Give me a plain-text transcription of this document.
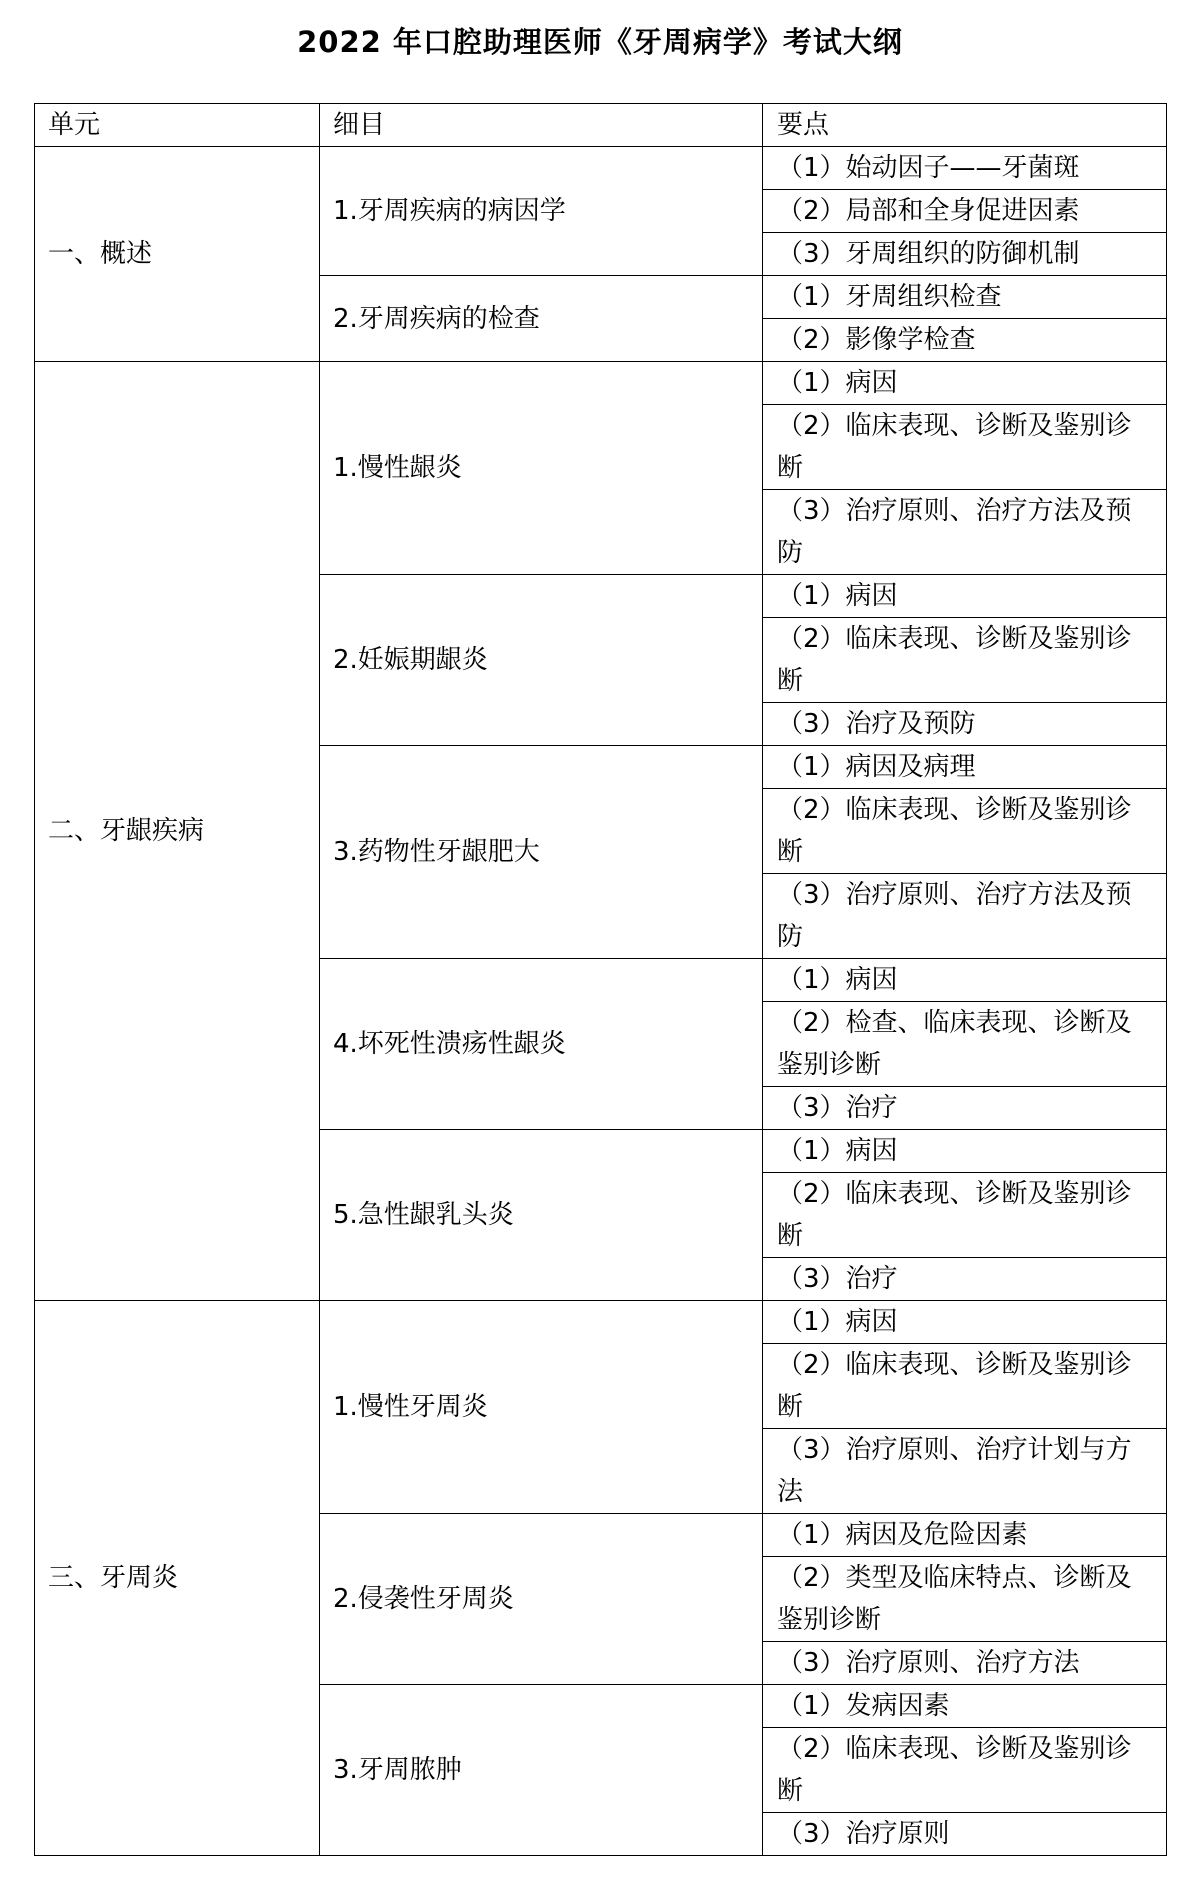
2022 年口腔助理医师《牙周病学》考试大纲
单元	细目	要点
一、概述	1.牙周疾病的病因学	（1）始动因子——牙菌斑
		（2）局部和全身促进因素
		（3）牙周组织的防御机制
	2.牙周疾病的检查	（1）牙周组织检查
		（2）影像学检查
二、牙龈疾病	1.慢性龈炎	（1）病因
		（2）临床表现、诊断及鉴别诊断
		（3）治疗原则、治疗方法及预防
	2.妊娠期龈炎	（1）病因
		（2）临床表现、诊断及鉴别诊断
		（3）治疗及预防
	3.药物性牙龈肥大	（1）病因及病理
		（2）临床表现、诊断及鉴别诊断
		（3）治疗原则、治疗方法及预防
	4.坏死性溃疡性龈炎	（1）病因
		（2）检查、临床表现、诊断及鉴别诊断
		（3）治疗
	5.急性龈乳头炎	（1）病因
		（2）临床表现、诊断及鉴别诊断
		（3）治疗
三、牙周炎	1.慢性牙周炎	（1）病因
		（2）临床表现、诊断及鉴别诊断
		（3）治疗原则、治疗计划与方法
	2.侵袭性牙周炎	（1）病因及危险因素
		（2）类型及临床特点、诊断及鉴别诊断
		（3）治疗原则、治疗方法
	3.牙周脓肿	（1）发病因素
		（2）临床表现、诊断及鉴别诊断
		（3）治疗原则
